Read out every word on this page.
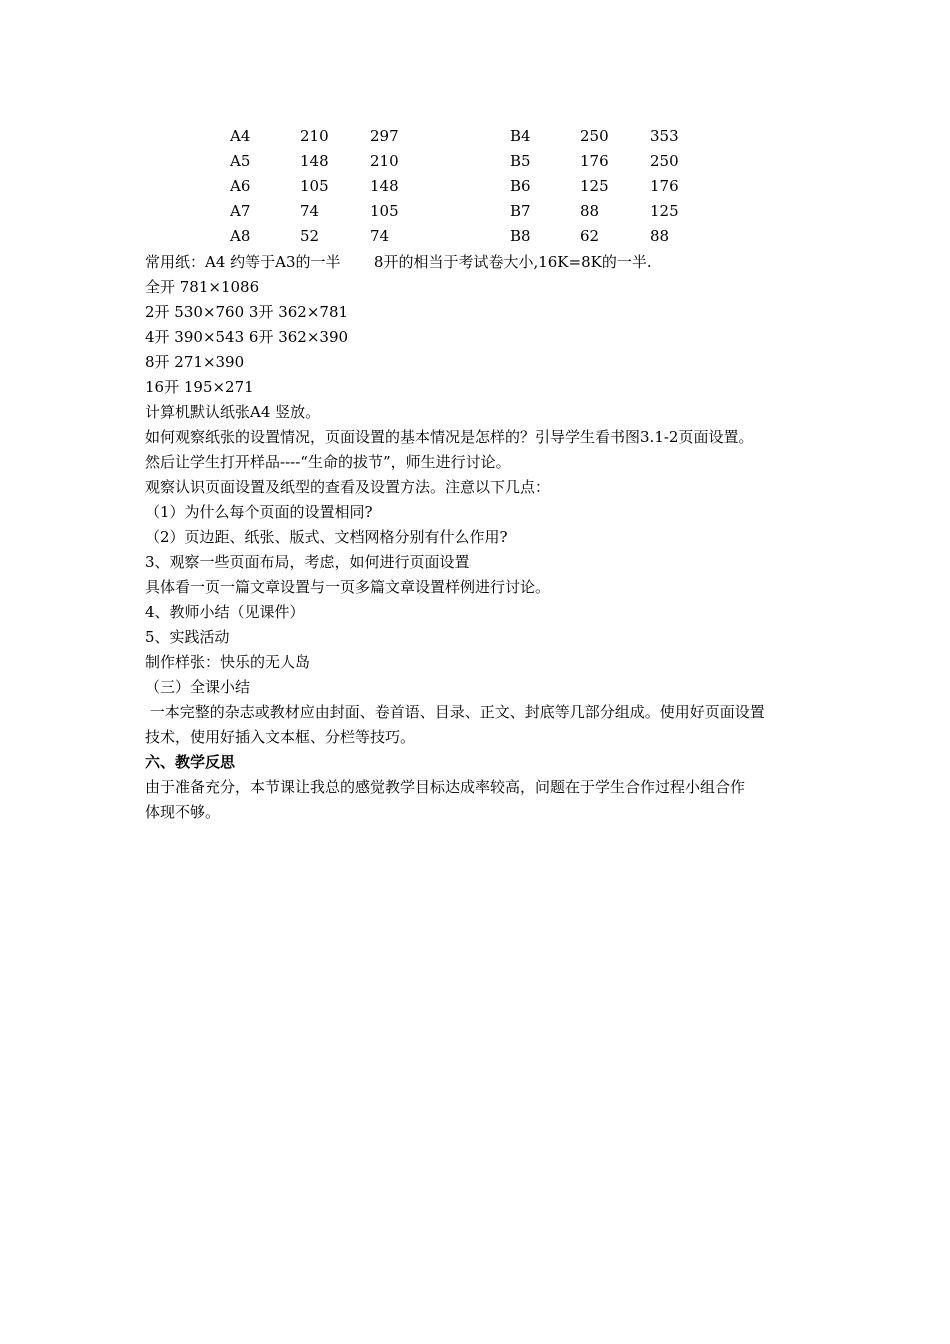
A4	210	297	B4	250	353
A5	148	210	B5	176	250
A6	105	148	B6	125	176
A7	74	105	B7	88	125
A8	52	74	B8	62	88

常用纸：A4 约等于A3的一半       8开的相当于考试卷大小,16K=8K的一半.

全开 781×1086

2开 530×760 3开 362×781

4开 390×543 6开 362×390

8开 271×390

16开 195×271

计算机默认纸张A4 竖放。

如何观察纸张的设置情况，页面设置的基本情况是怎样的？引导学生看书图3.1-2页面设置。

然后让学生打开样品----“生命的拔节”，师生进行讨论。

观察认识页面设置及纸型的查看及设置方法。注意以下几点：

（1）为什么每个页面的设置相同?

（2）页边距、纸张、版式、文档网格分别有什么作用?

3、观察一些页面布局，考虑，如何进行页面设置

具体看一页一篇文章设置与一页多篇文章设置样例进行讨论。

4、教师小结（见课件）

5、实践活动

制作样张：快乐的无人岛

（三）全课小结

一本完整的杂志或教材应由封面、卷首语、目录、正文、封底等几部分组成。使用好页面设置

技术，使用好插入文本框、分栏等技巧。

六、教学反思

由于准备充分，本节课让我总的感觉教学目标达成率较高，问题在于学生合作过程小组合作

体现不够。
